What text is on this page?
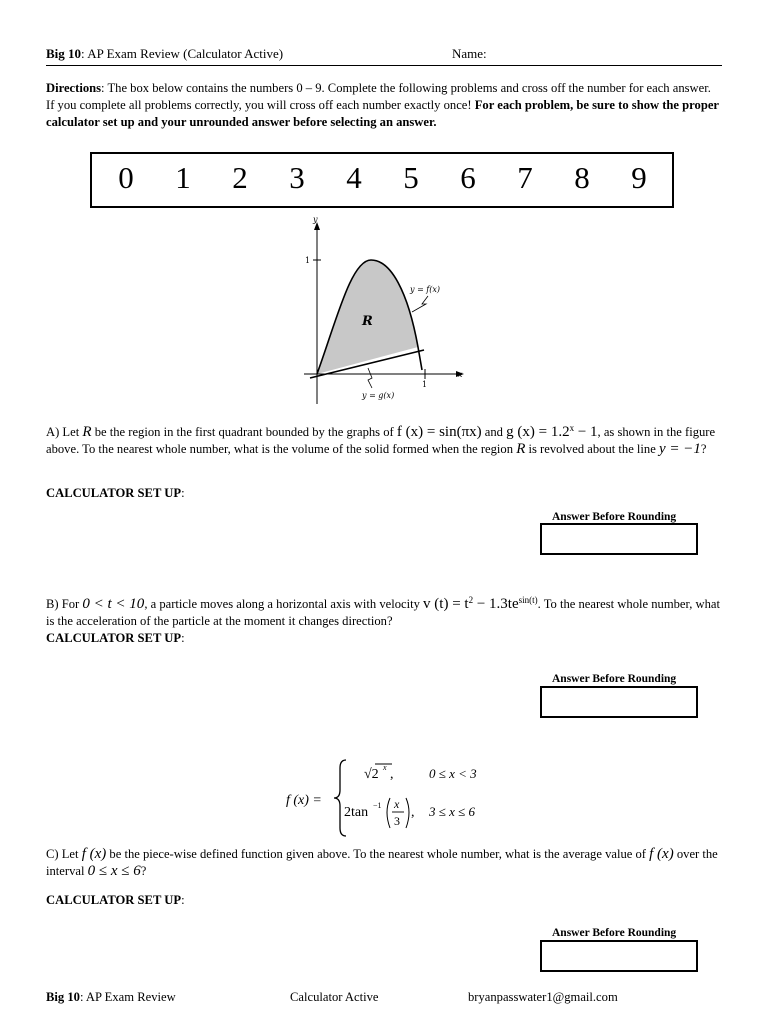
Big 10: AP Exam Review (Calculator Active)	Name:
Directions: The box below contains the numbers 0 – 9. Complete the following problems and cross off the number for each answer. If you complete all problems correctly, you will cross off each number exactly once! For each problem, be sure to show the proper calculator set up and your unrounded answer before selecting an answer.
0	1	2	3	4	5	6	7	8	9
y
x
1
1
R
y = f(x)
y = g(x)
A) Let R be the region in the first quadrant bounded by the graphs of f (x) = sin(πx) and g $(x) = 1.2^x - 1$, as shown in the figure above. To the nearest whole number, what is the volume of the solid formed when the region R is revolved about the line y = −1?
CALCULATOR SET UP:
Answer Before Rounding
B) For 0 < t < 10, a particle moves along a horizontal axis with velocity v $(t) = t^2 - 1.3te^{sin(t)}$. To the nearest whole number, what is the acceleration of the particle at the moment it changes direction?
CALCULATOR SET UP:
Answer Before Rounding
f (x) =
√2 x ,	0 ≤ x < 3
2tan −1 x
3
, 3 ≤ x ≤ 6
C) Let f (x) be the piece-wise defined function given above. To the nearest whole number, what is the average value of f (x) over the interval 0 ≤ x ≤ 6?
CALCULATOR SET UP:
Answer Before Rounding
Big 10: AP Exam Review	Calculator Active	bryanpasswater1@gmail.com
